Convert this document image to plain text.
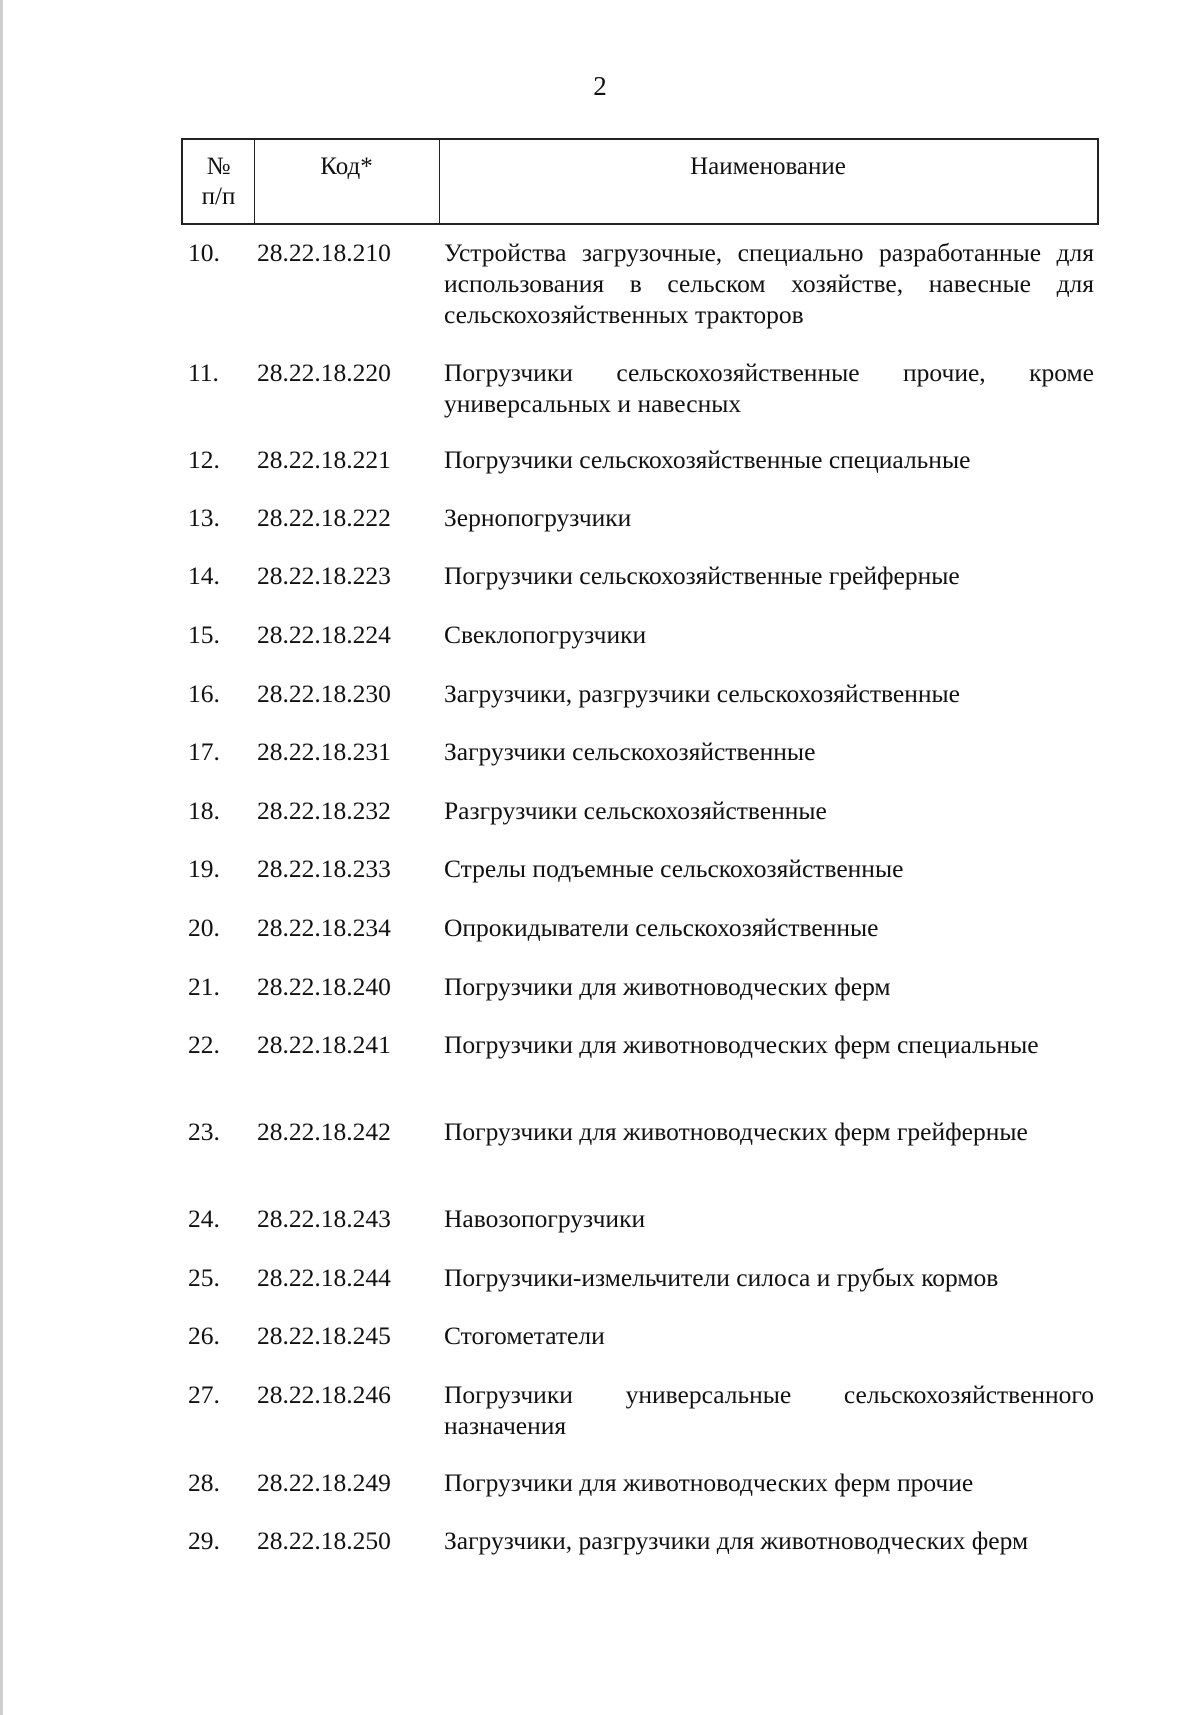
2
№
п/п
Код*	Наименование
10. 28.22.18.210 Устройства загрузочные, специально разработанные для использования в сельском хозяйстве, навесные для сельскохозяйственных тракторов
11. 28.22.18.220 Погрузчики сельскохозяйственные прочие, кроме универсальных и навесных
12. 28.22.18.221 Погрузчики сельскохозяйственные специальные
13. 28.22.18.222 Зернопогрузчики
14. 28.22.18.223 Погрузчики сельскохозяйственные грейферные
15. 28.22.18.224 Свеклопогрузчики
16. 28.22.18.230 Загрузчики, разгрузчики сельскохозяйственные
17. 28.22.18.231 Загрузчики сельскохозяйственные
18. 28.22.18.232 Разгрузчики сельскохозяйственные
19. 28.22.18.233 Стрелы подъемные сельскохозяйственные
20. 28.22.18.234 Опрокидыватели сельскохозяйственные
21. 28.22.18.240 Погрузчики для животноводческих ферм
22. 28.22.18.241 Погрузчики для животноводческих ферм специальные
23. 28.22.18.242 Погрузчики для животноводческих ферм грейферные
24. 28.22.18.243 Навозопогрузчики
25. 28.22.18.244 Погрузчики-измельчители силоса и грубых кормов
26. 28.22.18.245 Стогометатели
27. 28.22.18.246 Погрузчики универсальные сельскохозяйственного назначения
28. 28.22.18.249 Погрузчики для животноводческих ферм прочие
29. 28.22.18.250 Загрузчики, разгрузчики для животноводческих ферм
